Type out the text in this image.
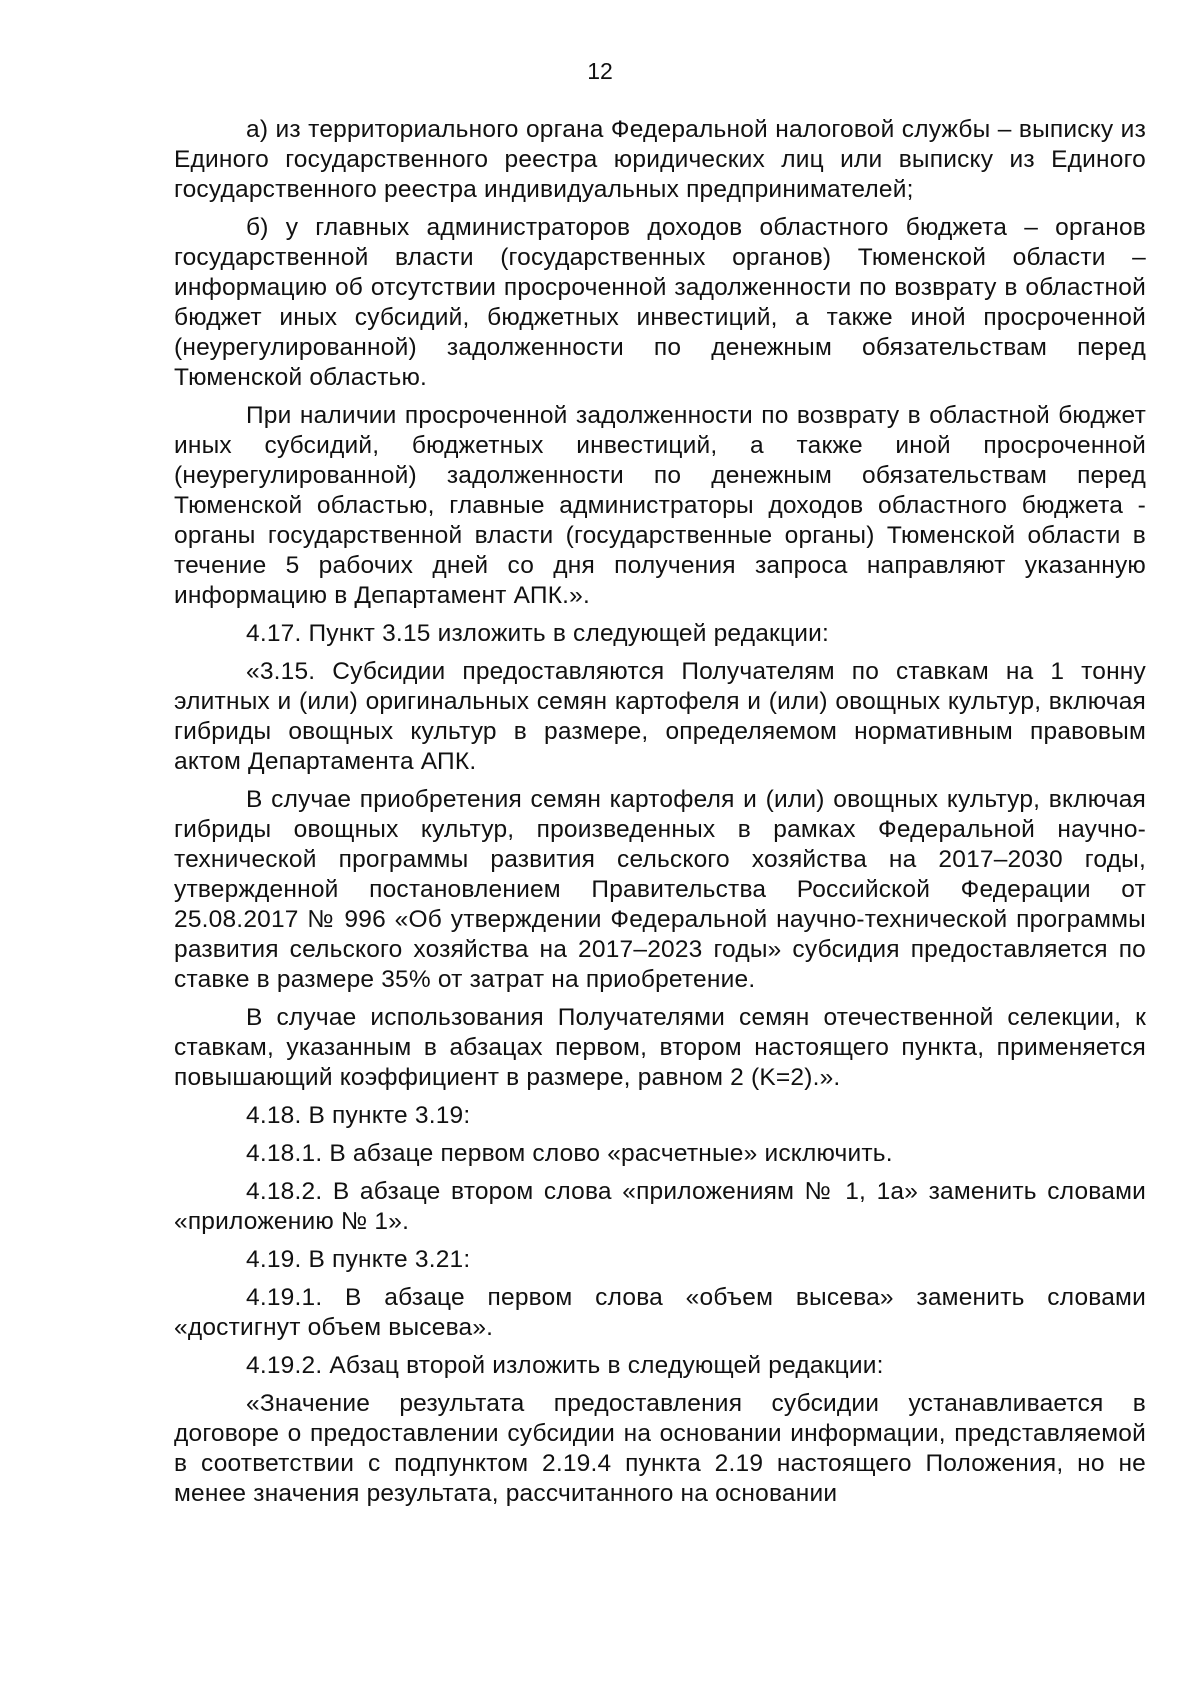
12

а) из территориального органа Федеральной налоговой службы – выписку из Единого государственного реестра юридических лиц или выписку из Единого государственного реестра индивидуальных предпринимателей;

б) у главных администраторов доходов областного бюджета – органов государственной власти (государственных органов) Тюменской области – информацию об отсутствии просроченной задолженности по возврату в областной бюджет иных субсидий, бюджетных инвестиций, а также иной просроченной (неурегулированной) задолженности по денежным обязательствам перед Тюменской областью.

При наличии просроченной задолженности по возврату в областной бюджет иных субсидий, бюджетных инвестиций, а также иной просроченной (неурегулированной) задолженности по денежным обязательствам перед Тюменской областью, главные администраторы доходов областного бюджета - органы государственной власти (государственные органы) Тюменской области в течение 5 рабочих дней со дня получения запроса направляют указанную информацию в Департамент АПК.».

4.17. Пункт 3.15 изложить в следующей редакции:

«3.15. Субсидии предоставляются Получателям по ставкам на 1 тонну элитных и (или) оригинальных семян картофеля и (или) овощных культур, включая гибриды овощных культур в размере, определяемом нормативным правовым актом Департамента АПК.

В случае приобретения семян картофеля и (или) овощных культур, включая гибриды овощных культур, произведенных в рамках Федеральной научно-технической программы развития сельского хозяйства на 2017–2030 годы, утвержденной постановлением Правительства Российской Федерации от 25.08.2017 № 996 «Об утверждении Федеральной научно-технической программы развития сельского хозяйства на 2017–2023 годы» субсидия предоставляется по ставке в размере 35% от затрат на приобретение.

В случае использования Получателями семян отечественной селекции, к ставкам, указанным в абзацах первом, втором настоящего пункта, применяется повышающий коэффициент в размере, равном 2 (K=2).».

4.18. В пункте 3.19:

4.18.1. В абзаце первом слово «расчетные» исключить.

4.18.2. В абзаце втором слова «приложениям № 1, 1а» заменить словами «приложению № 1».

4.19. В пункте 3.21:

4.19.1. В абзаце первом слова «объем высева» заменить словами «достигнут объем высева».

4.19.2. Абзац второй изложить в следующей редакции:

«Значение результата предоставления субсидии устанавливается в договоре о предоставлении субсидии на основании информации, представляемой в соответствии с подпунктом 2.19.4 пункта 2.19 настоящего Положения, но не менее значения результата, рассчитанного на основании
